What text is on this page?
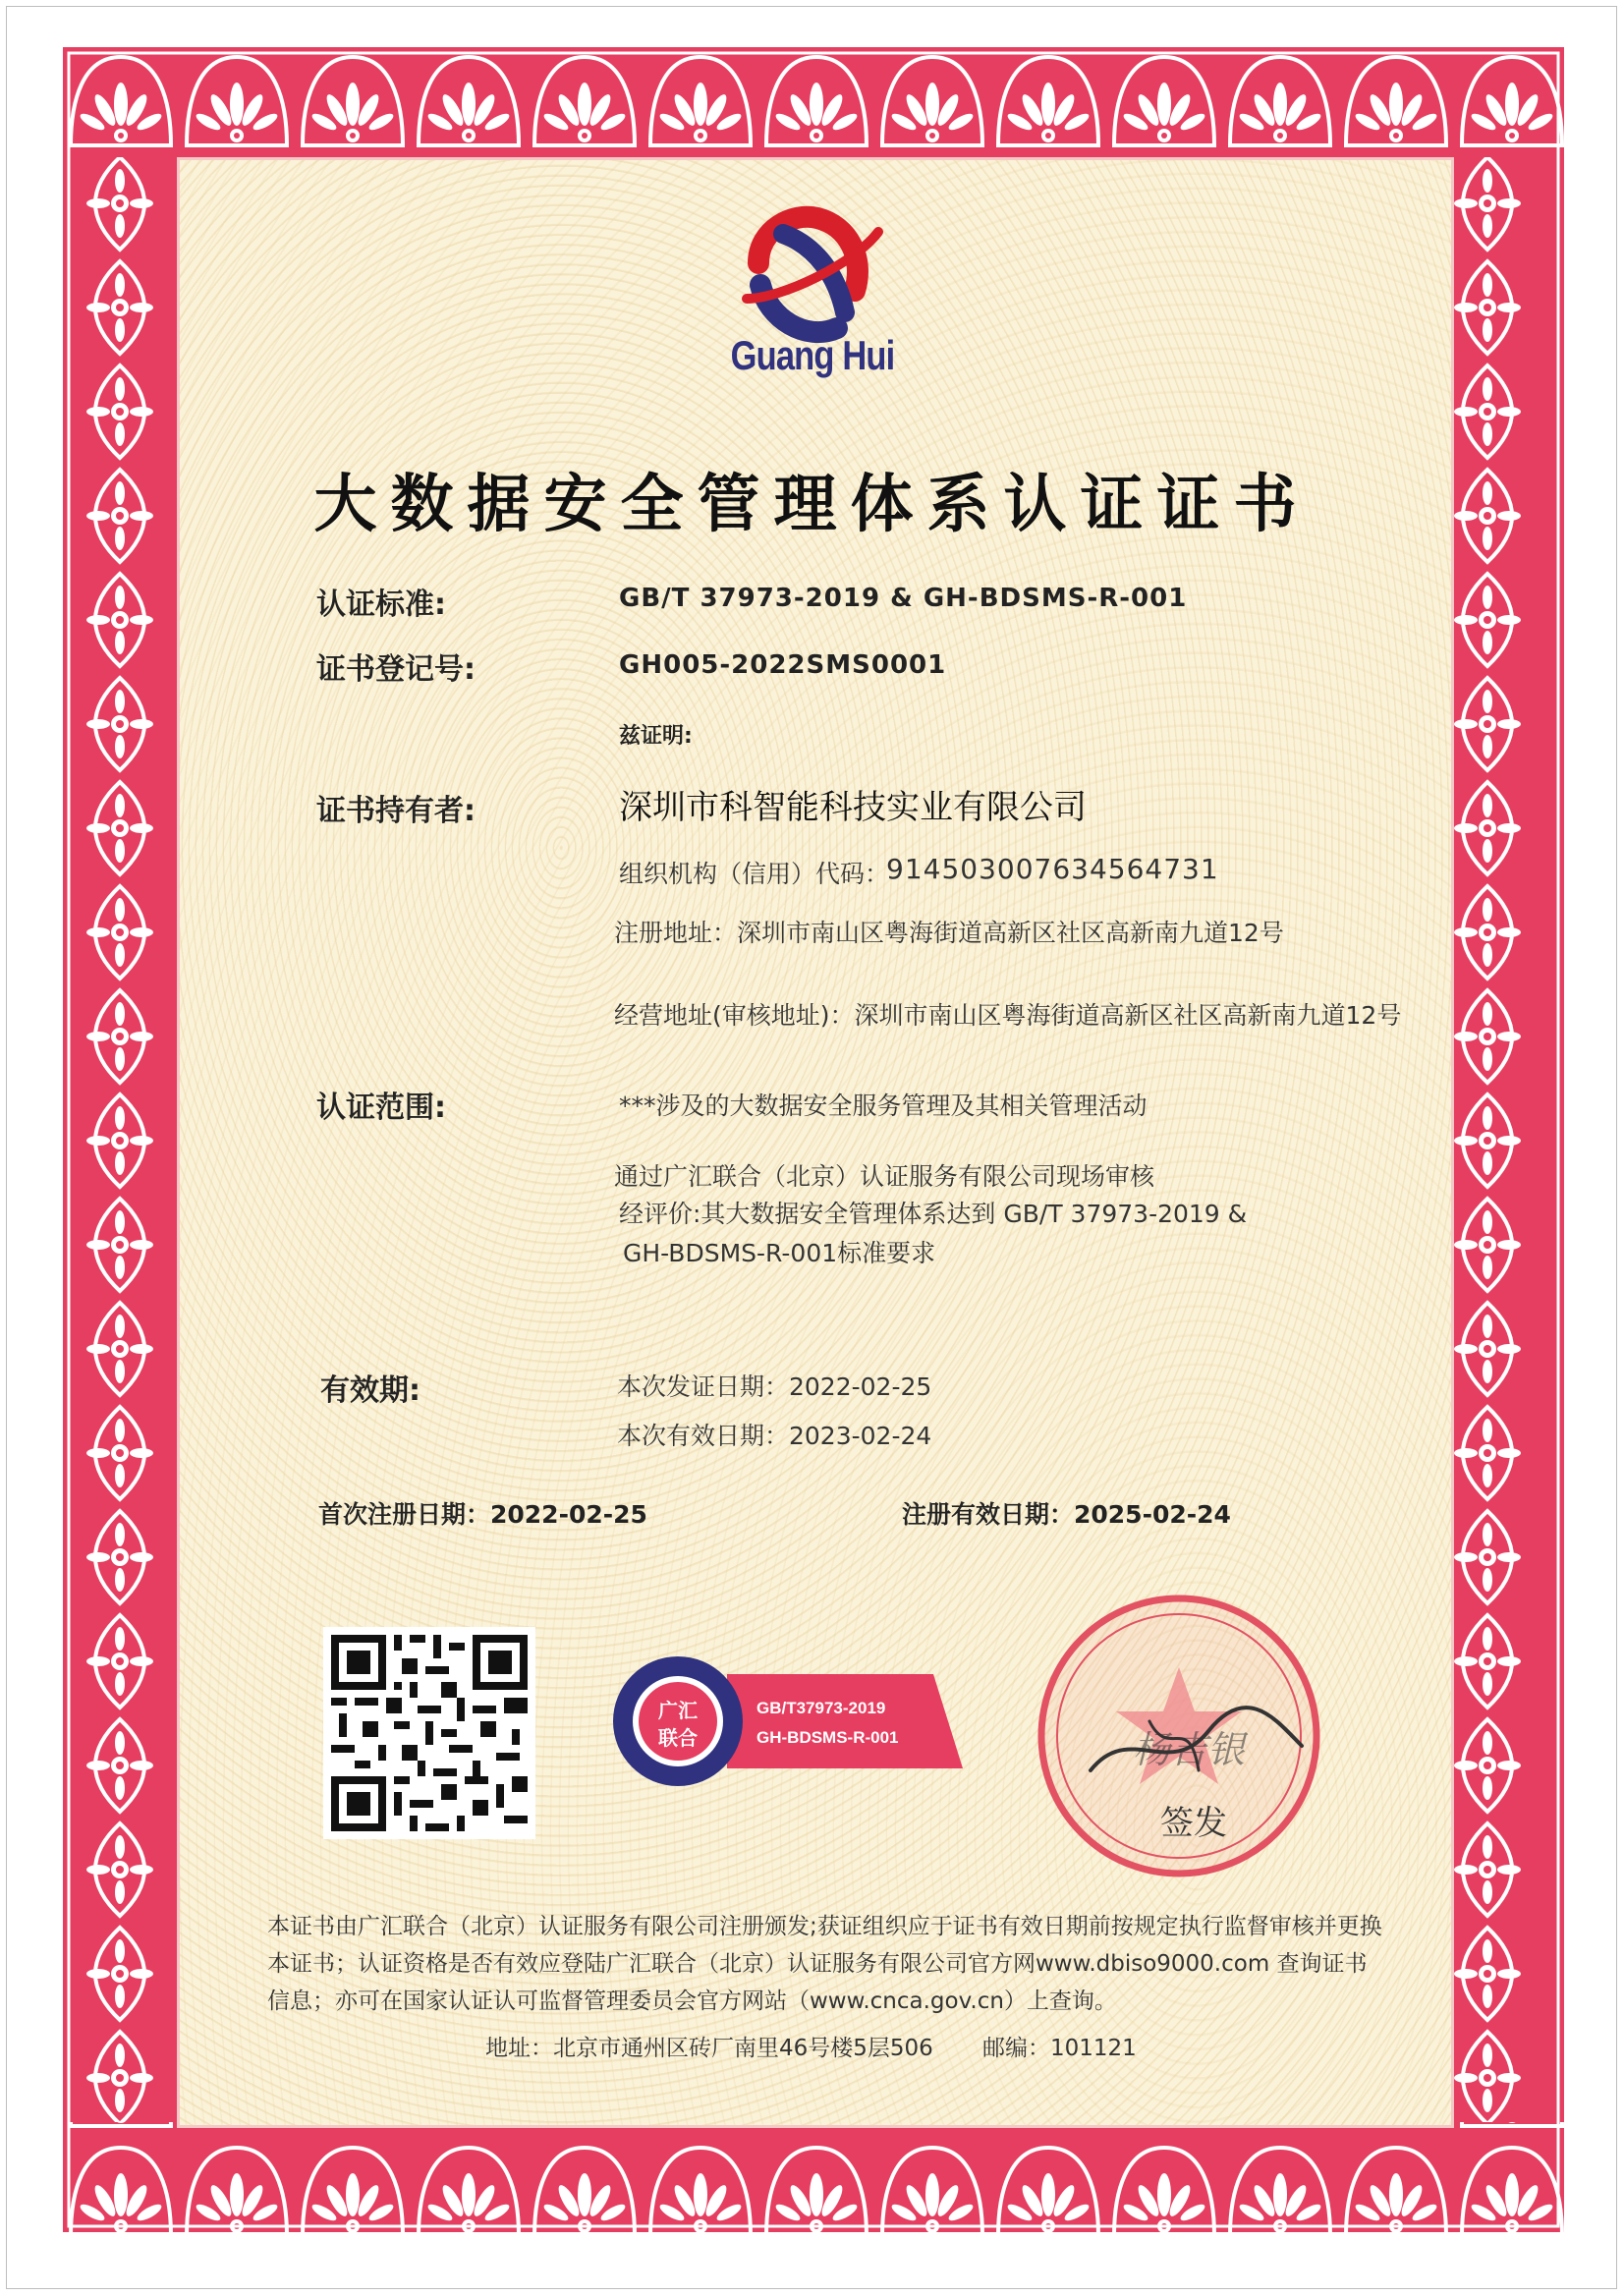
Guang Hui
大数据安全管理体系认证证书
认证标准:	GB/T 37973-2019 & GH-BDSMS-R-001
证书登记号:	GH005-2022SMS0001
兹证明:
证书持有者:	深圳市科智能科技实业有限公司
组织机构（信用）代码：
914503007634564731
注册地址：深圳市南山区粤海街道高新区社区高新南九道12号
经营地址(审核地址)：深圳市南山区粤海街道高新区社区高新南九道12号
认证范围:	***涉及的大数据安全服务管理及其相关管理活动
通过广汇联合（北京）认证服务有限公司现场审核
经评价:其大数据安全管理体系达到 GB/T 37973-2019 &
GH-BDSMS-R-001标准要求
有效期:	本次发证日期：2022-02-25
本次有效日期：2023-02-24
首次注册日期：2022-02-25	注册有效日期：2025-02-24
广汇
联合
GB/T37973-2019
GH-BDSMS-R-001	杨吉银
签发
本证书由广汇联合（北京）认证服务有限公司注册颁发;获证组织应于证书有效日期前按规定执行监督审核并更换
本证书；认证资格是否有效应登陆广汇联合（北京）认证服务有限公司官方网www.dbiso9000.com 查询证书
信息；亦可在国家认证认可监督管理委员会官方网站（www.cnca.gov.cn）上查询。
地址：北京市通州区砖厂南里46号楼5层506 邮编：101121
